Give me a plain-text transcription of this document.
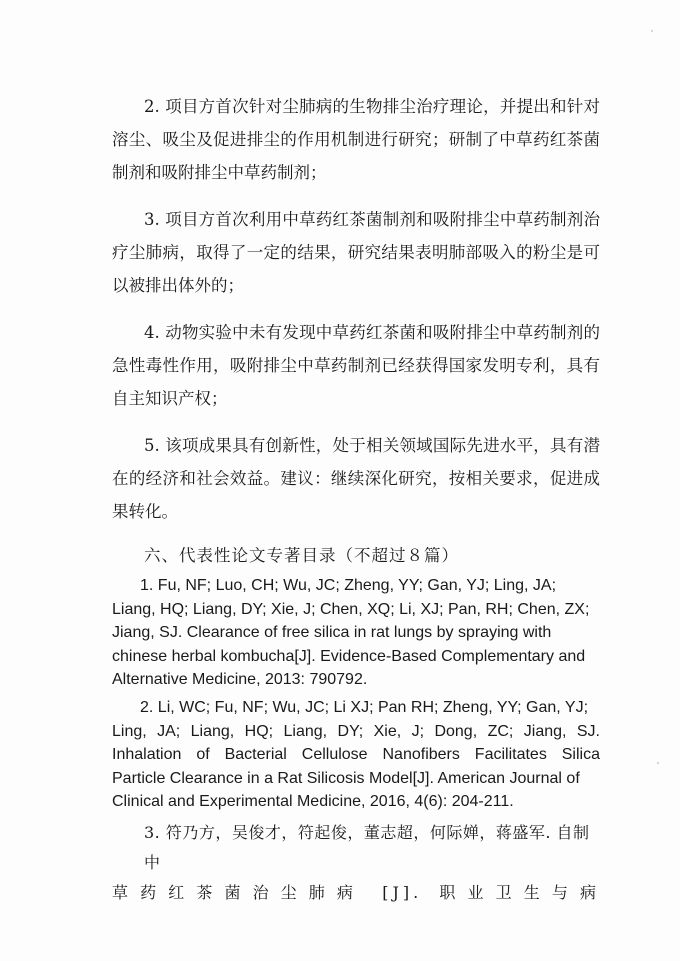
2. 项目方首次针对尘肺病的生物排尘治疗理论，并提出和针对溶尘、吸尘及促进排尘的作用机制进行研究；研制了中草药红茶菌制剂和吸附排尘中草药制剂；
3. 项目方首次利用中草药红茶菌制剂和吸附排尘中草药制剂治疗尘肺病，取得了一定的结果，研究结果表明肺部吸入的粉尘是可以被排出体外的；
4. 动物实验中未有发现中草药红茶菌和吸附排尘中草药制剂的急性毒性作用，吸附排尘中草药制剂已经获得国家发明专利，具有自主知识产权；
5. 该项成果具有创新性，处于相关领域国际先进水平，具有潜在的经济和社会效益。建议：继续深化研究，按相关要求，促进成果转化。
六、代表性论文专著目录（不超过８篇）
1. Fu, NF; Luo, CH; Wu, JC; Zheng, YY; Gan, YJ; Ling, JA;
Liang, HQ; Liang, DY; Xie, J; Chen, XQ; Li, XJ; Pan, RH; Chen, ZX;
Jiang, SJ. Clearance of free silica in rat lungs by spraying with
chinese herbal kombucha[J]. Evidence-Based Complementary and
Alternative Medicine, 2013: 790792.
2. Li, WC; Fu, NF; Wu, JC; Li XJ; Pan RH; Zheng, YY; Gan, YJ;
Ling, JA; Liang, HQ; Liang, DY; Xie, J; Dong, ZC; Jiang, SJ.
Inhalation of Bacterial Cellulose Nanofibers Facilitates Silica
Particle Clearance in a Rat Silicosis Model[J]. American Journal of
Clinical and Experimental Medicine, 2016, 4(6): 204-211.
3. 符乃方，吴俊才，符起俊，董志超，何际婵，蒋盛军. 自制中
草药红茶菌治尘肺病 [J]. 职业卫生与病
